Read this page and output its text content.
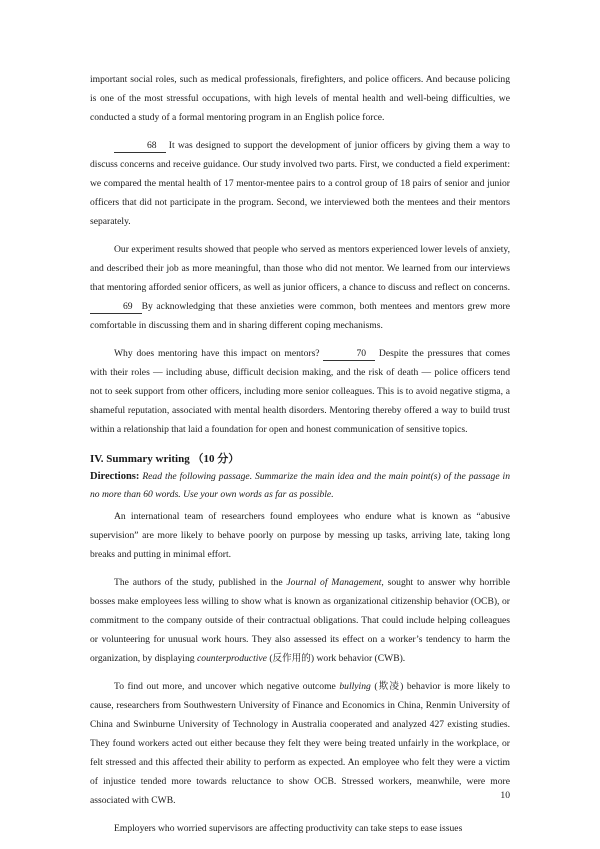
important social roles, such as medical professionals, firefighters, and police officers. And because policing is one of the most stressful occupations, with high levels of mental health and well-being difficulties, we conducted a study of a formal mentoring program in an English police force.

68 It was designed to support the development of junior officers by giving them a way to discuss concerns and receive guidance. Our study involved two parts. First, we conducted a field experiment: we compared the mental health of 17 mentor-mentee pairs to a control group of 18 pairs of senior and junior officers that did not participate in the program. Second, we interviewed both the mentees and their mentors separately.

Our experiment results showed that people who served as mentors experienced lower levels of anxiety, and described their job as more meaningful, than those who did not mentor. We learned from our interviews that mentoring afforded senior officers, as well as junior officers, a chance to discuss and reflect on concerns. 69 By acknowledging that these anxieties were common, both mentees and mentors grew more comfortable in discussing them and in sharing different coping mechanisms.

Why does mentoring have this impact on mentors?	70 Despite the pressures that comes with their roles — including abuse, difficult decision making, and the risk of death — police officers tend not to seek support from other officers, including more senior colleagues. This is to avoid negative stigma, a shameful reputation, associated with mental health disorders. Mentoring thereby offered a way to build trust within a relationship that laid a foundation for open and honest communication of sensitive topics.

IV. Summary writing （10 分）
Directions: Read the following passage. Summarize the main idea and the main point(s) of the passage in no more than 60 words. Use your own words as far as possible.

An international team of researchers found employees who endure what is known as “abusive supervision” are more likely to behave poorly on purpose by messing up tasks, arriving late, taking long breaks and putting in minimal effort.

The authors of the study, published in the Journal of Management, sought to answer why horrible bosses make employees less willing to show what is known as organizational citizenship behavior (OCB), or commitment to the company outside of their contractual obligations. That could include helping colleagues or volunteering for unusual work hours. They also assessed its effect on a worker’s tendency to harm the organization, by displaying counterproductive (反作用的) work behavior (CWB).

To find out more, and uncover which negative outcome bullying (欺凌) behavior is more likely to cause, researchers from Southwestern University of Finance and Economics in China, Renmin University of China and Swinburne University of Technology in Australia cooperated and analyzed 427 existing studies. They found workers acted out either because they felt they were being treated unfairly in the workplace, or felt stressed and this affected their ability to perform as expected. An employee who felt they were a victim of injustice tended more towards reluctance to show OCB. Stressed workers, meanwhile, were more associated with CWB.

Employers who worried supervisors are affecting productivity can take steps to ease issues

10
